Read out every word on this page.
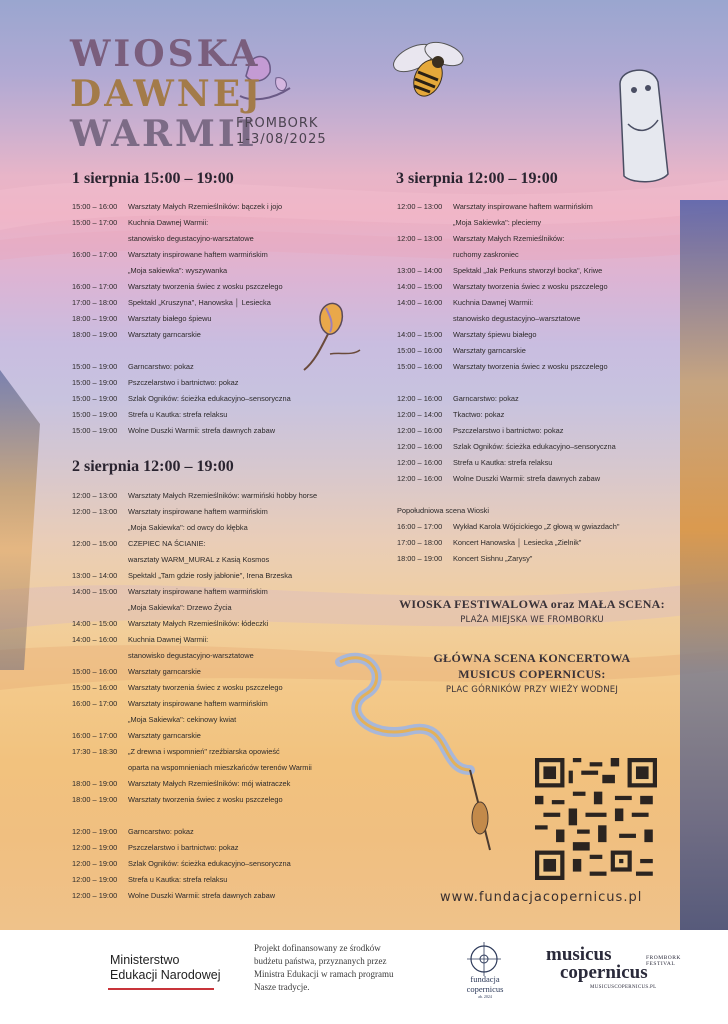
WIOSKA
DAWNEJ
WARMII
FROMBORK
1-3/08/2025
1 sierpnia 15:00 – 19:00
2 sierpnia 12:00 – 19:00
3 sierpnia 12:00 – 19:00
15:00 – 16:00	Warsztaty Małych Rzemieślników: bączek i jojo
15:00 – 17:00	Kuchnia Dawnej Warmii:
stanowisko degustacyjno-warsztatowe
16:00 – 17:00	Warsztaty inspirowane haftem warmińskim
„Moja sakiewka": wyszywanka
16:00 – 17:00	Warsztaty tworzenia świec z wosku pszczelego
17:00 – 18:00	Spektakl „Kruszyna", Hanowska │ Lesiecka
18:00 – 19:00	Warsztaty białego śpiewu
18:00 – 19:00	Warsztaty garncarskie
15:00 – 19:00	Garncarstwo: pokaz
15:00 – 19:00	Pszczelarstwo i bartnictwo: pokaz
15:00 – 19:00	Szlak Ogników: ścieżka edukacyjno–sensoryczna
15:00 – 19:00	Strefa u Kautka: strefa relaksu
15:00 – 19:00	Wolne Duszki Warmii: strefa dawnych zabaw
12:00 – 13:00	Warsztaty Małych Rzemieślników: warmiński hobby horse
12:00 – 13:00	Warsztaty inspirowane haftem warmińskim
„Moja Sakiewka": od owcy do kłębka
12:00 – 15:00	CZEPIEC NA ŚCIANIE:
warsztaty WARM_MURAL z Kasią Kosmos
13:00 – 14:00	Spektakl „Tam gdzie rosły jabłonie", Irena Brzeska
14:00 – 15:00	Warsztaty inspirowane haftem warmińskim
„Moja Sakiewka": Drzewo Życia
14:00 – 15:00	Warsztaty Małych Rzemieślników: łódeczki
14:00 – 16:00	Kuchnia Dawnej Warmii:
stanowisko degustacyjno-warsztatowe
15:00 – 16:00	Warsztaty garncarskie
15:00 – 16:00	Warsztaty tworzenia świec z wosku pszczelego
16:00 – 17:00	Warsztaty inspirowane haftem warmińskim
„Moja Sakiewka": cekinowy kwiat
16:00 – 17:00	Warsztaty garncarskie
17:30 – 18:30	„Z drewna i wspomnień" rzeźbiarska opowieść
oparta na wspomnieniach mieszkańców terenów Warmii
18:00 – 19:00	Warsztaty Małych Rzemieślników: mój wiatraczek
18:00 – 19:00	Warsztaty tworzenia świec z wosku pszczelego
12:00 – 19:00	Garncarstwo: pokaz
12:00 – 19:00	Pszczelarstwo i bartnictwo: pokaz
12:00 – 19:00	Szlak Ogników: ścieżka edukacyjno–sensoryczna
12:00 – 19:00	Strefa u Kautka: strefa relaksu
12:00 – 19:00	Wolne Duszki Warmii: strefa dawnych zabaw
12:00 – 13:00	Warsztaty inspirowane haftem warmińskim
„Moja Sakiewka": pleciemy
12:00 – 13:00	Warsztaty Małych Rzemieślników:
ruchomy zaskroniec
13:00 – 14:00	Spektakl „Jak Perkuns stworzył bocka", Kriwe
14:00 – 15:00	Warsztaty tworzenia świec z wosku pszczelego
14:00 – 16:00	Kuchnia Dawnej Warmii:
stanowisko degustacyjno–warsztatowe
14:00 – 15:00	Warsztaty śpiewu białego
15:00 – 16:00	Warsztaty garncarskie
15:00 – 16:00	Warsztaty tworzenia świec z wosku pszczelego
12:00 – 16:00	Garncarstwo: pokaz
12:00 – 14:00	Tkactwo: pokaz
12:00 – 16:00	Pszczelarstwo i bartnictwo: pokaz
12:00 – 16:00	Szlak Ogników: ścieżka edukacyjno–sensoryczna
12:00 – 16:00	Strefa u Kautka: strefa relaksu
12:00 – 16:00	Wolne Duszki Warmii: strefa dawnych zabaw
Popołudniowa scena Wioski
16:00 – 17:00	Wykład Karola Wójcickiego „Z głową w gwiazdach"
17:00 – 18:00	Koncert Hanowska │ Lesiecka „Zielnik"
18:00 – 19:00	Koncert Sishnu „Zarysy"
WIOSKA FESTIWALOWA oraz MAŁA SCENA:
PLAŻA MIEJSKA WE FROMBORKU
GŁÓWNA SCENA KONCERTOWA
MUSICUS COPERNICUS:
PLAC GÓRNIKÓW PRZY WIEŻY WODNEJ
www.fundacjacopernicus.pl
Ministerstwo
Edukacji Narodowej
Projekt dofinansowany ze środków budżetu państwa, przyznanych przez Ministra Edukacji w ramach programu Nasze tradycje.
fundacja
copernicus
ab. 2024
musicus
copernicus
FROMBORK
FESTIVAL
MUSICUSCOPERNICUS.PL
